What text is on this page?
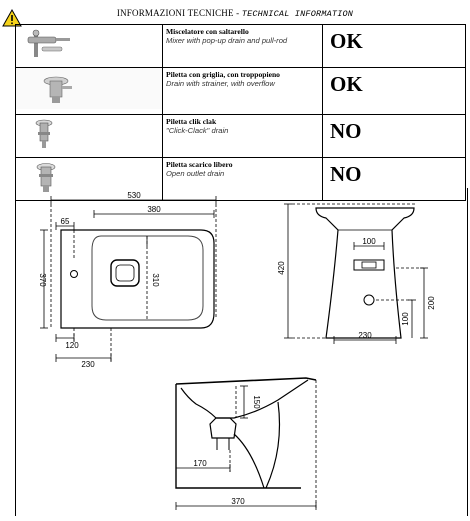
INFORMAZIONI TECNICHE - TECHNICAL INFORMATION

Miscelatore con saltarello
Mixer with pop-up drain and pull-rod	OK

Piletta con griglia, con troppopieno
Drain with strainer, with overflow	OK

Piletta clik clak
"Click-Clack" drain	NO

Piletta scarico libero
Open outlet drain	NO
530
380
65
370	310
120
230
420
100
200
100
230
150
170
370
